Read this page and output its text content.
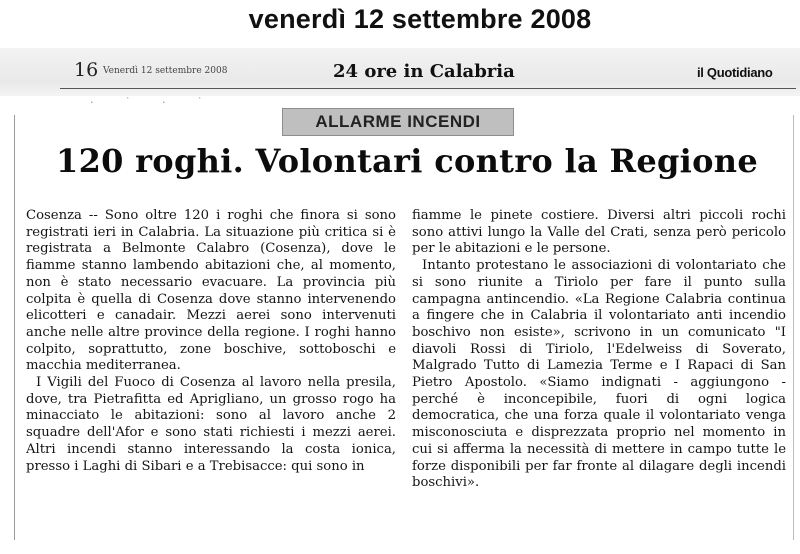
venerdì 12 settembre 2008
16 Venerdì 12 settembre 2008	24 ore in Calabria	il Quotidiano
· ˙ · ˙
ALLARME INCENDI
120 roghi. Volontari contro la Regione

Cosenza -- Sono oltre 120 i roghi che finora si sono registrati ieri in Calabria. La situazione più critica si è registrata a Belmonte Calabro (Cosenza), dove le fiamme stanno lambendo abitazioni che, al momento, non è stato necessario evacuare. La provincia più colpita è quella di Cosenza dove stanno intervenendo elicotteri e canadair. Mezzi aerei sono intervenuti anche nelle altre province della regione. I roghi hanno colpito, soprattutto, zone boschive, sottoboschi e macchia mediterranea.

I Vigili del Fuoco di Cosenza al lavoro nella presila, dove, tra Pietrafitta ed Aprigliano, un grosso rogo ha minacciato le abitazioni: sono al lavoro anche 2 squadre dell'Afor e sono stati richiesti i mezzi aerei. Altri incendi stanno interessando la costa ionica, presso i Laghi di Sibari e a Trebisacce: qui sono in

fiamme le pinete costiere. Diversi altri piccoli rochi sono attivi lungo la Valle del Crati, senza però pericolo per le abitazioni e le persone.

Intanto protestano le associazioni di volontariato che si sono riunite a Tiriolo per fare il punto sulla campagna antincendio. «La Regione Calabria continua a fingere che in Calabria il volontariato anti incendio boschivo non esiste», scrivono in un comunicato "I diavoli Rossi di Tiriolo, l'Edelweiss di Soverato, Malgrado Tutto di Lamezia Terme e I Rapaci di San Pietro Apostolo. «Siamo indignati - aggiungono - perché è inconcepibile, fuori di ogni logica democratica, che una forza quale il volontariato venga misconosciuta e disprezzata proprio nel momento in cui si afferma la necessità di mettere in campo tutte le forze disponibili per far fronte al dilagare degli incendi boschivi».
